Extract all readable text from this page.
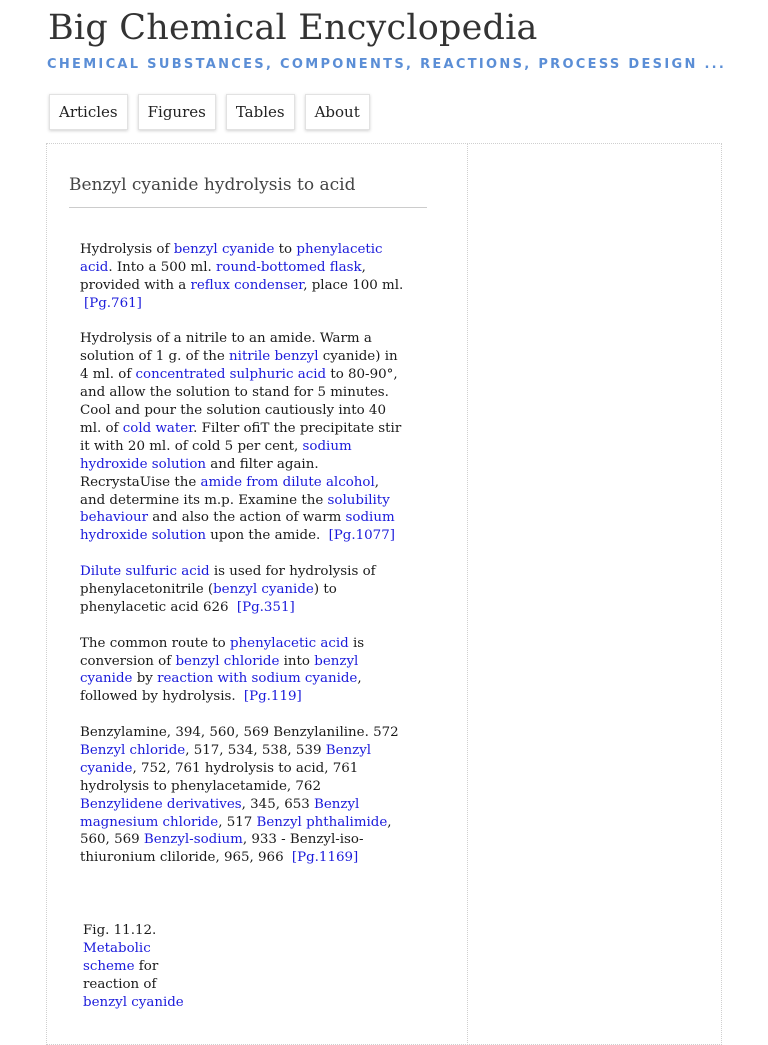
Big Chemical Encyclopedia
CHEMICAL SUBSTANCES, COMPONENTS, REACTIONS, PROCESS DESIGN ...
Articles	Figures	Tables	About
Benzyl cyanide hydrolysis to acid

Hydrolysis of benzyl cyanide to phenylacetic acid. Into a 500 ml. round-bottomed flask, provided with a reflux condenser, place 100 ml. [Pg.761]

Hydrolysis of a nitrile to an amide. Warm a solution of 1 g. of the nitrile benzyl cyanide) in 4 ml. of concentrated sulphuric acid to 80-90°, and allow the solution to stand for 5 minutes. Cool and pour the solution cautiously into 40 ml. of cold water. Filter ofiT the precipitate stir it with 20 ml. of cold 5 per cent, sodium hydroxide solution and filter again. RecrystaUise the amide from dilute alcohol, and determine its m.p. Examine the solubility behaviour and also the action of warm sodium hydroxide solution upon the amide. [Pg.1077]

Dilute sulfuric acid is used for hydrolysis of phenylacetonitrile (benzyl cyanide) to phenylacetic acid 626 [Pg.351]

The common route to phenylacetic acid is conversion of benzyl chloride into benzyl cyanide by reaction with sodium cyanide, followed by hydrolysis. [Pg.119]

Benzylamine, 394, 560, 569 Benzylaniline. 572 Benzyl chloride, 517, 534, 538, 539 Benzyl cyanide, 752, 761 hydrolysis to acid, 761 hydrolysis to phenylacetamide, 762 Benzylidene derivatives, 345, 653 Benzyl magnesium chloride, 517 Benzyl phthalimide, 560, 569 Benzyl-sodium, 933 - Benzyl-iso-thiuronium cliloride, 965, 966 [Pg.1169]

Fig. 11.12. Metabolic scheme for reaction of benzyl cyanide
